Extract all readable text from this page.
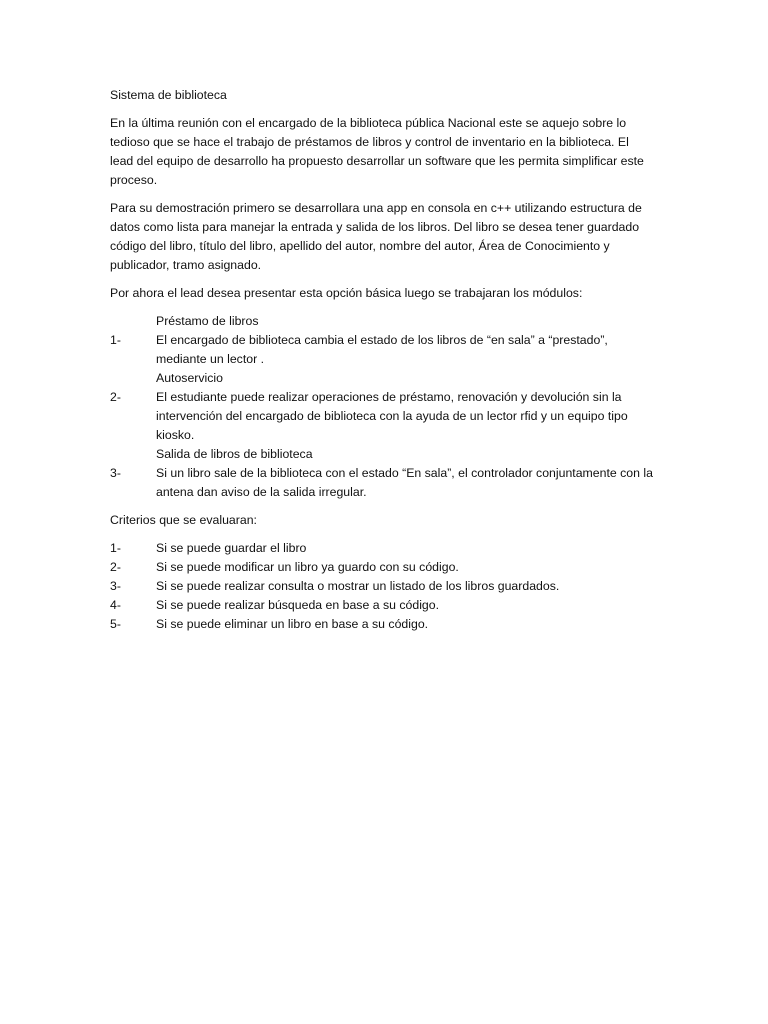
Sistema de biblioteca

En la última reunión con el encargado de la biblioteca pública Nacional este se aquejo sobre lo tedioso que se hace el trabajo de préstamos de libros y control de inventario en la biblioteca. El lead del equipo de desarrollo ha propuesto desarrollar un software que les permita simplificar este proceso.

Para su demostración primero se desarrollara una app en consola en c++ utilizando estructura de datos como lista para manejar la entrada y salida de los libros. Del libro se desea tener guardado código del libro, título del libro, apellido del autor, nombre del autor, Área de Conocimiento y publicador, tramo asignado.

Por ahora el lead desea presentar esta opción básica luego se trabajaran los módulos:

Préstamo de libros
1-	El encargado de biblioteca cambia el estado de los libros de “en sala” a “prestado”, mediante un lector .
Autoservicio
2-	El estudiante puede realizar operaciones de préstamo, renovación y devolución sin la intervención del encargado de biblioteca con la ayuda de un lector rfid y un equipo tipo kiosko.
Salida de libros de biblioteca
3-	Si un libro sale de la biblioteca con el estado “En sala”, el controlador conjuntamente con la antena dan aviso de la salida irregular.

Criterios que se evaluaran:

1-	Si se puede guardar el libro
2-	Si se puede modificar un libro ya guardo con su código.
3-	Si se puede realizar consulta o mostrar un listado de los libros guardados.
4-	Si se puede realizar búsqueda en base a su código.
5-	Si se puede eliminar un libro en base a su código.
